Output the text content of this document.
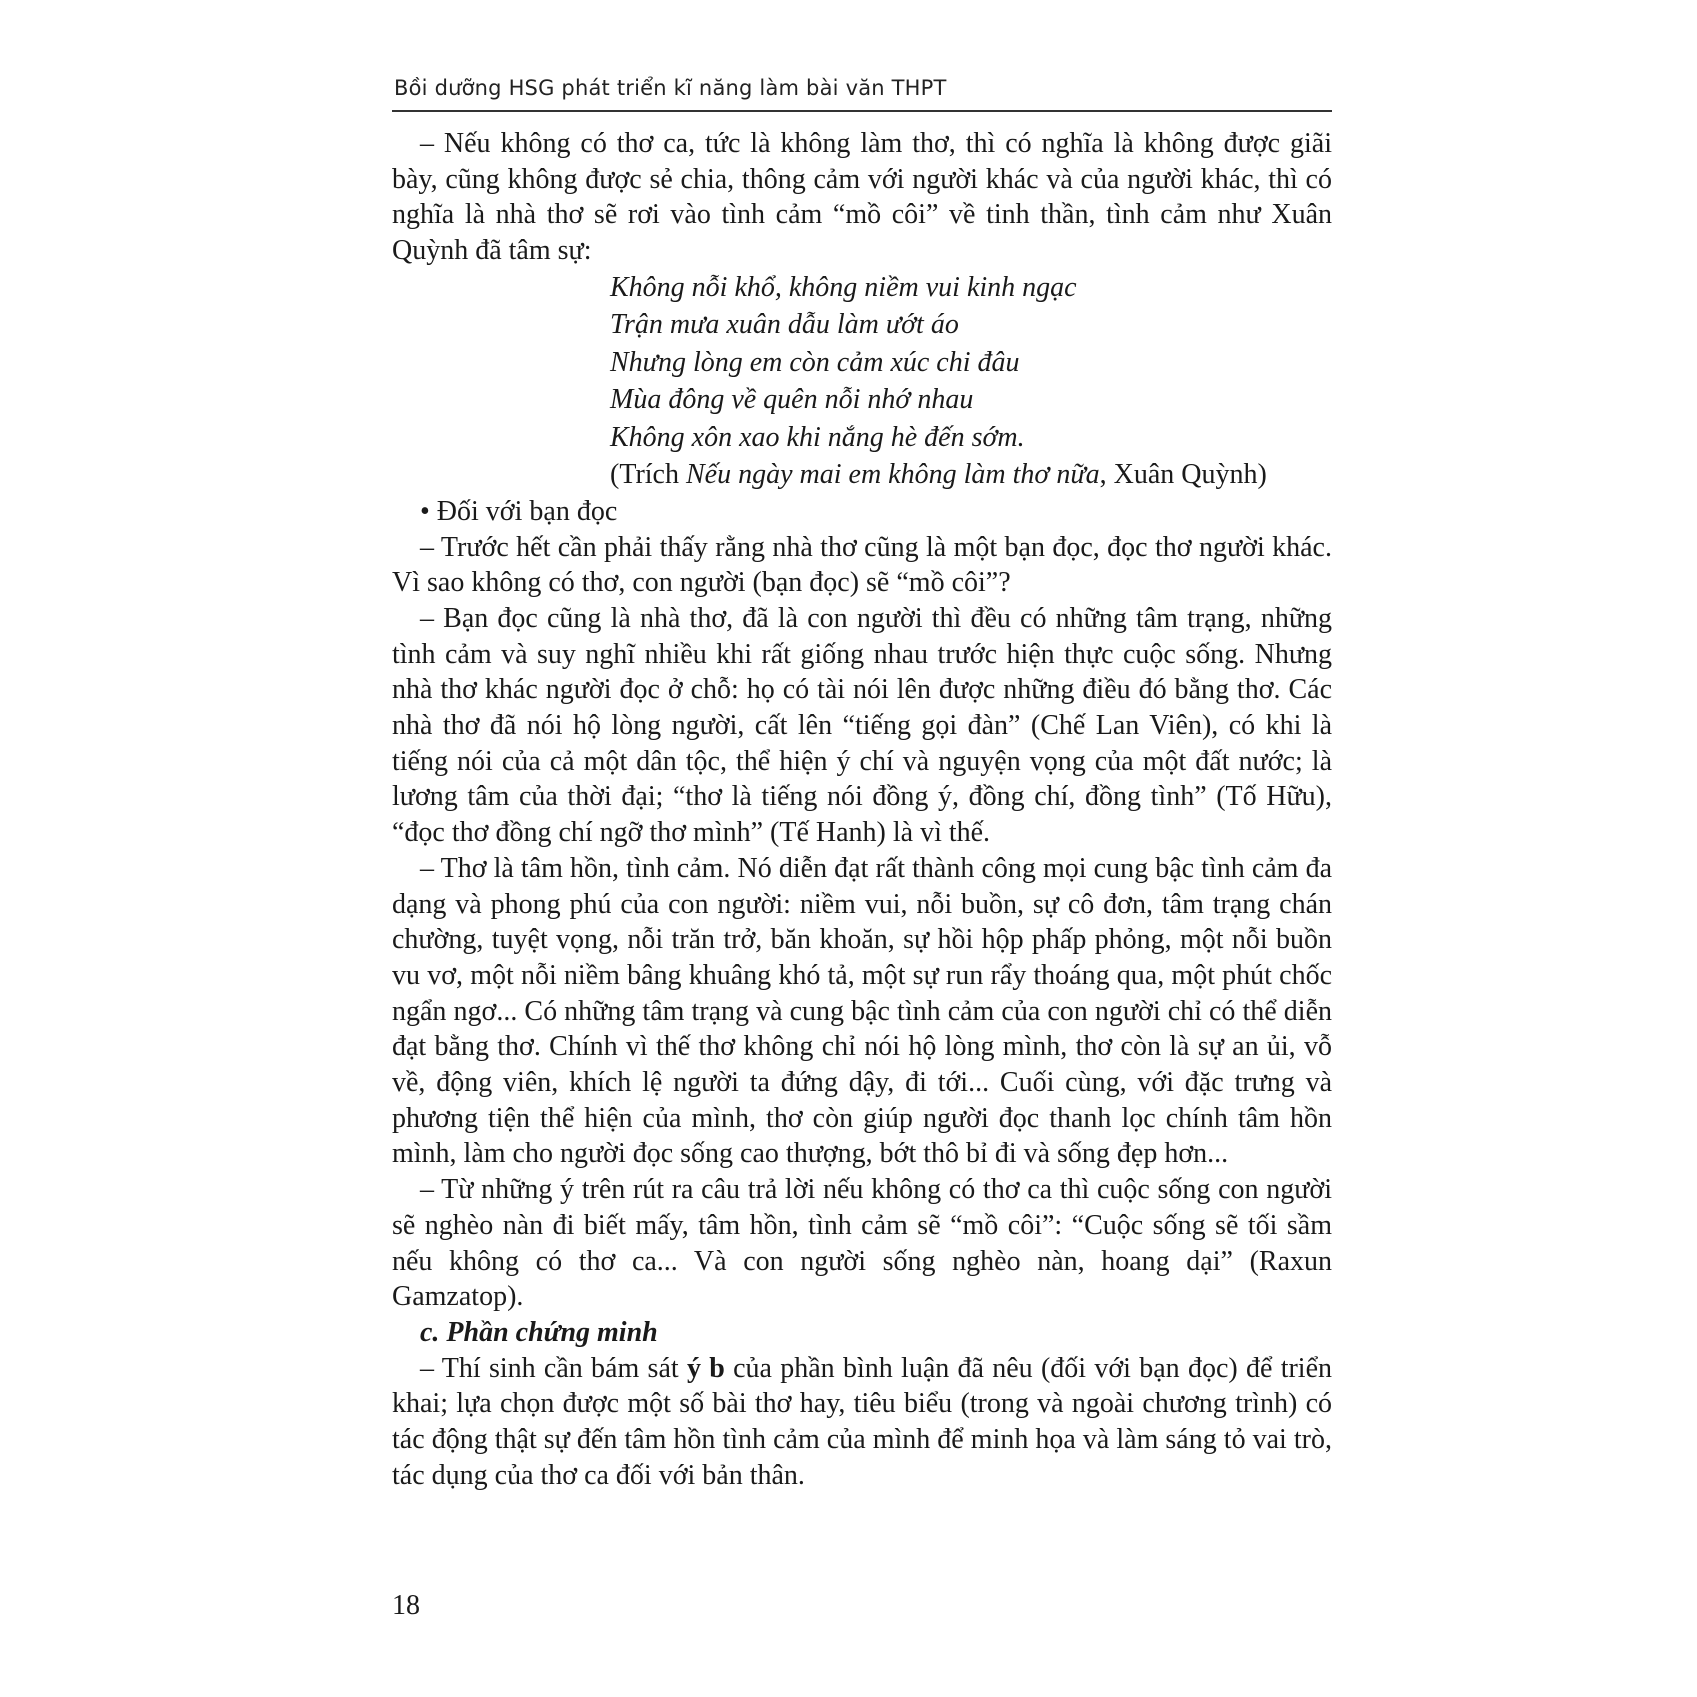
Bồi dưỡng HSG phát triển kĩ năng làm bài văn THPT

– Nếu không có thơ ca, tức là không làm thơ, thì có nghĩa là không được giãi bày, cũng không được sẻ chia, thông cảm với người khác và của người khác, thì có nghĩa là nhà thơ sẽ rơi vào tình cảm “mồ côi” về tinh thần, tình cảm như Xuân Quỳnh đã tâm sự:

Không nỗi khổ, không niềm vui kinh ngạc
Trận mưa xuân dẫu làm ướt áo
Nhưng lòng em còn cảm xúc chi đâu
Mùa đông về quên nỗi nhớ nhau
Không xôn xao khi nắng hè đến sớm.
(Trích Nếu ngày mai em không làm thơ nữa, Xuân Quỳnh)

• Đối với bạn đọc

– Trước hết cần phải thấy rằng nhà thơ cũng là một bạn đọc, đọc thơ người khác. Vì sao không có thơ, con người (bạn đọc) sẽ “mồ côi”?

– Bạn đọc cũng là nhà thơ, đã là con người thì đều có những tâm trạng, những tình cảm và suy nghĩ nhiều khi rất giống nhau trước hiện thực cuộc sống. Nhưng nhà thơ khác người đọc ở chỗ: họ có tài nói lên được những điều đó bằng thơ. Các nhà thơ đã nói hộ lòng người, cất lên “tiếng gọi đàn” (Chế Lan Viên), có khi là tiếng nói của cả một dân tộc, thể hiện ý chí và nguyện vọng của một đất nước; là lương tâm của thời đại; “thơ là tiếng nói đồng ý, đồng chí, đồng tình” (Tố Hữu), “đọc thơ đồng chí ngỡ thơ mình” (Tế Hanh) là vì thế.

– Thơ là tâm hồn, tình cảm. Nó diễn đạt rất thành công mọi cung bậc tình cảm đa dạng và phong phú của con người: niềm vui, nỗi buồn, sự cô đơn, tâm trạng chán chường, tuyệt vọng, nỗi trăn trở, băn khoăn, sự hồi hộp phấp phỏng, một nỗi buồn vu vơ, một nỗi niềm bâng khuâng khó tả, một sự run rẩy thoáng qua, một phút chốc ngẩn ngơ... Có những tâm trạng và cung bậc tình cảm của con người chỉ có thể diễn đạt bằng thơ. Chính vì thế thơ không chỉ nói hộ lòng mình, thơ còn là sự an ủi, vỗ về, động viên, khích lệ người ta đứng dậy, đi tới... Cuối cùng, với đặc trưng và phương tiện thể hiện của mình, thơ còn giúp người đọc thanh lọc chính tâm hồn mình, làm cho người đọc sống cao thượng, bớt thô bỉ đi và sống đẹp hơn...

– Từ những ý trên rút ra câu trả lời nếu không có thơ ca thì cuộc sống con người sẽ nghèo nàn đi biết mấy, tâm hồn, tình cảm sẽ “mồ côi”: “Cuộc sống sẽ tối sầm nếu không có thơ ca... Và con người sống nghèo nàn, hoang dại” (Raxun Gamzatop).

c. Phần chứng minh

– Thí sinh cần bám sát ý b của phần bình luận đã nêu (đối với bạn đọc) để triển khai; lựa chọn được một số bài thơ hay, tiêu biểu (trong và ngoài chương trình) có tác động thật sự đến tâm hồn tình cảm của mình để minh họa và làm sáng tỏ vai trò, tác dụng của thơ ca đối với bản thân.

18
